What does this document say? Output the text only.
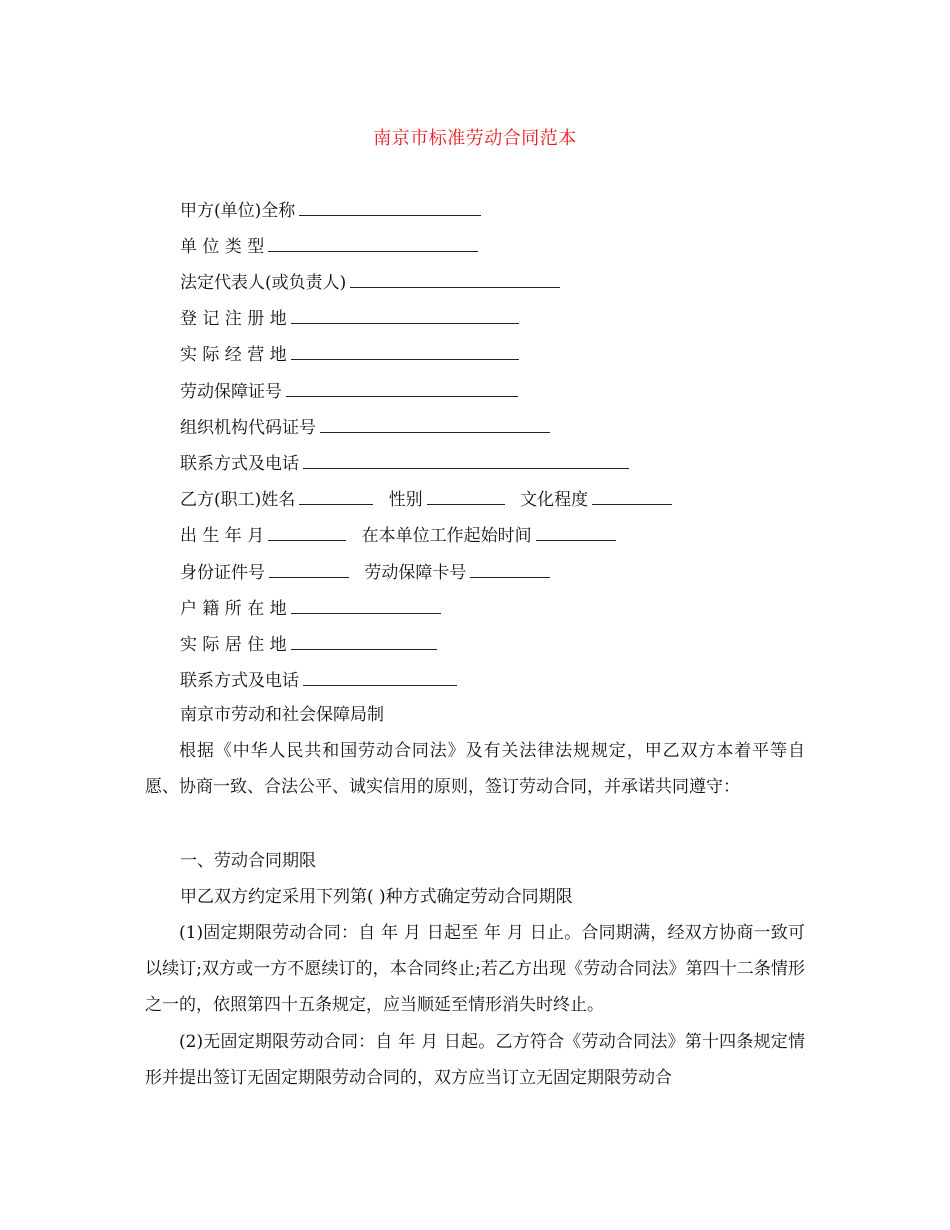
南京市标准劳动合同范本
甲方(单位)全称
单 位 类 型
法定代表人(或负责人)
登 记 注 册 地
实 际 经 营 地
劳动保障证号
组织机构代码证号
联系方式及电话
乙方(职工)姓名	性别	文化程度
出 生 年 月	在本单位工作起始时间
身份证件号	劳动保障卡号
户 籍 所 在 地
实 际 居 住 地
联系方式及电话
南京市劳动和社会保障局制
根据《中华人民共和国劳动合同法》及有关法律法规规定，甲乙双方本着平等自愿、协商一致、合法公平、诚实信用的原则，签订劳动合同，并承诺共同遵守：
一、劳动合同期限
甲乙双方约定采用下列第( )种方式确定劳动合同期限
(1)固定期限劳动合同：自 年 月 日起至 年 月 日止。合同期满，经双方协商一致可以续订;双方或一方不愿续订的，本合同终止;若乙方出现《劳动合同法》第四十二条情形之一的，依照第四十五条规定，应当顺延至情形消失时终止。
(2)无固定期限劳动合同：自 年 月 日起。乙方符合《劳动合同法》第十四条规定情形并提出签订无固定期限劳动合同的，双方应当订立无固定期限劳动合
